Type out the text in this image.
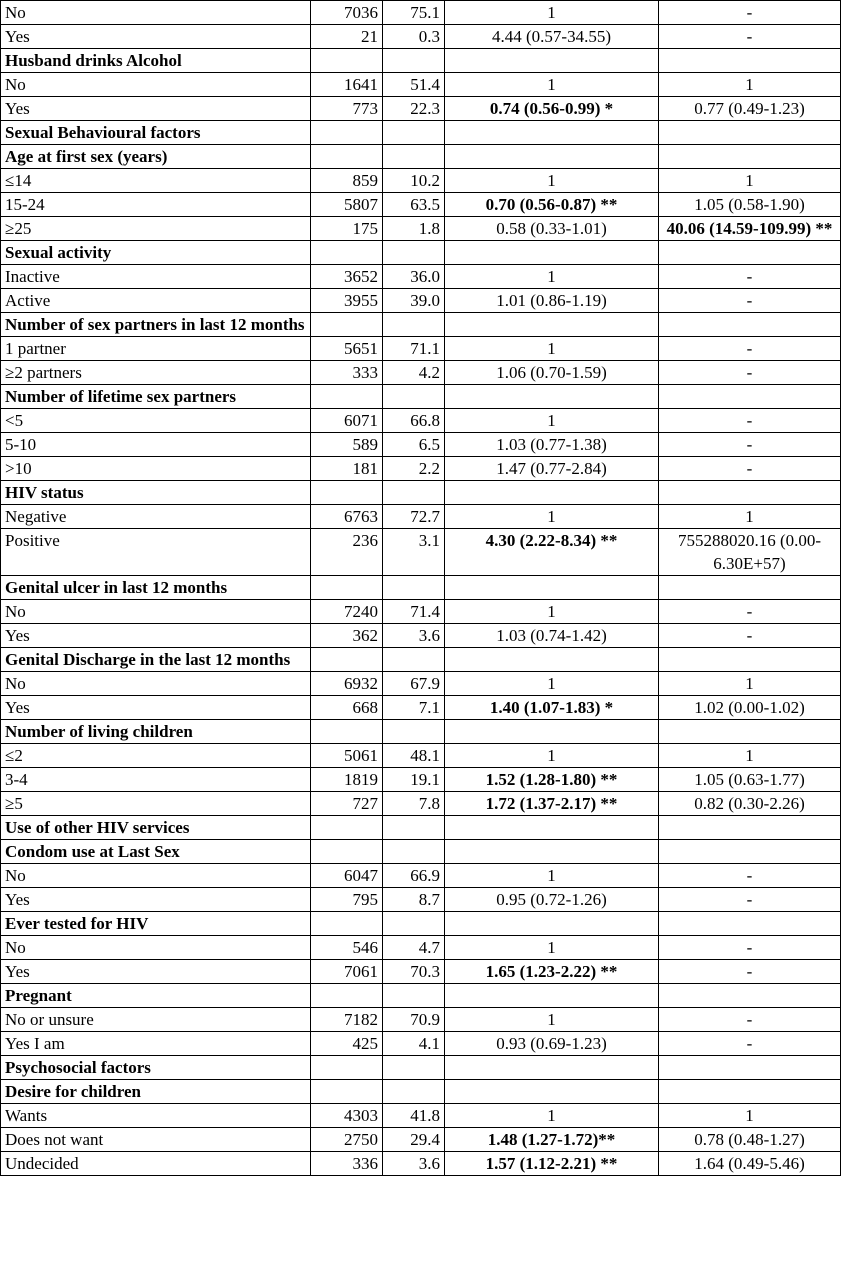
No	7036	75.1	1	-
Yes	21	0.3	4.44 (0.57-34.55)	-
Husband drinks Alcohol				
No	1641	51.4	1	1
Yes	773	22.3	0.74 (0.56-0.99) *	0.77 (0.49-1.23)
Sexual Behavioural factors				
Age at first sex (years)				
≤14	859	10.2	1	1
15-24	5807	63.5	0.70 (0.56-0.87) **	1.05 (0.58-1.90)
≥25	175	1.8	0.58 (0.33-1.01)	40.06 (14.59-109.99) **
Sexual activity				
Inactive	3652	36.0	1	-
Active	3955	39.0	1.01 (0.86-1.19)	-
Number of sex partners in last 12 months				
1 partner	5651	71.1	1	-
≥2 partners	333	4.2	1.06 (0.70-1.59)	-
Number of lifetime sex partners				
<5	6071	66.8	1	-
5-10	589	6.5	1.03 (0.77-1.38)	-
>10	181	2.2	1.47 (0.77-2.84)	-
HIV status				
Negative	6763	72.7	1	1
Positive	236	3.1	4.30 (2.22-8.34) **	755288020.16 (0.00-6.30E+57)
Genital ulcer in last 12 months				
No	7240	71.4	1	-
Yes	362	3.6	1.03 (0.74-1.42)	-
Genital Discharge in the last 12 months				
No	6932	67.9	1	1
Yes	668	7.1	1.40 (1.07-1.83) *	1.02 (0.00-1.02)
Number of living children				
≤2	5061	48.1	1	1
3-4	1819	19.1	1.52 (1.28-1.80) **	1.05 (0.63-1.77)
≥5	727	7.8	1.72 (1.37-2.17) **	0.82 (0.30-2.26)
Use of other HIV services				
Condom use at Last Sex				
No	6047	66.9	1	-
Yes	795	8.7	0.95 (0.72-1.26)	-
Ever tested for HIV				
No	546	4.7	1	-
Yes	7061	70.3	1.65 (1.23-2.22) **	-
Pregnant				
No or unsure	7182	70.9	1	-
Yes I am	425	4.1	0.93 (0.69-1.23)	-
Psychosocial factors				
Desire for children				
Wants	4303	41.8	1	1
Does not want	2750	29.4	1.48 (1.27-1.72)**	0.78 (0.48-1.27)
Undecided	336	3.6	1.57 (1.12-2.21) **	1.64 (0.49-5.46)
